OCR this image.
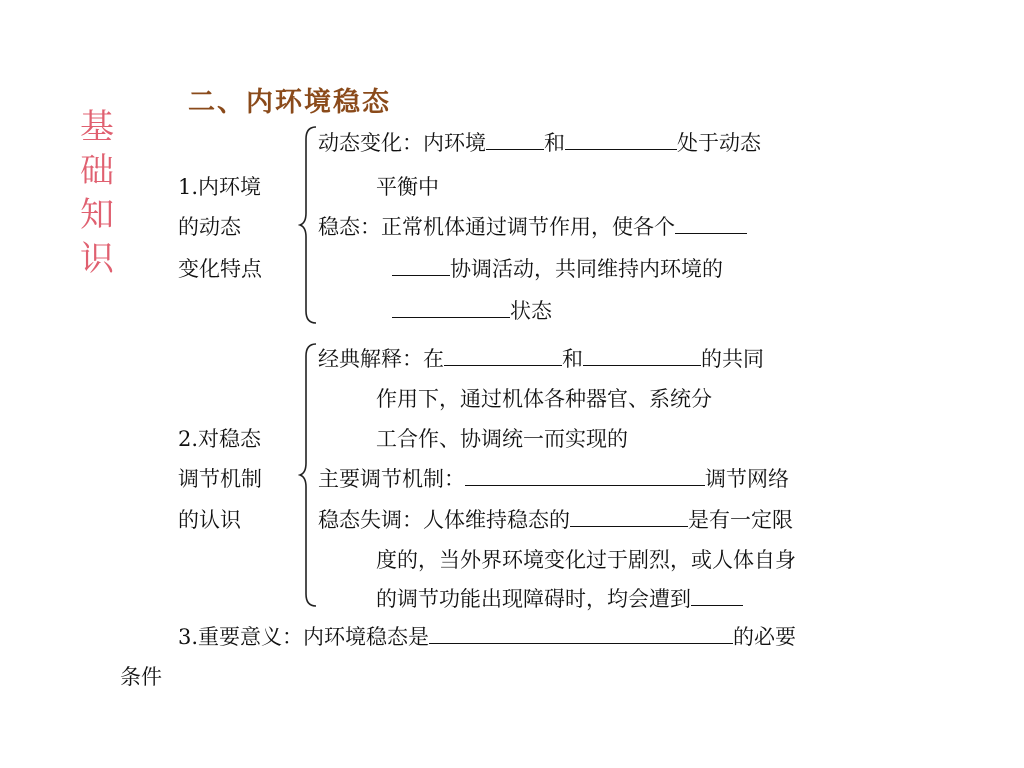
基
础
知
识
二、内环境稳态
1.内环境
的动态
变化特点
动态变化：内环境	和	处于动态
平衡中
稳态：正常机体通过调节作用，使各个
协调活动，共同维持内环境的
状态
2.对稳态
调节机制
的认识
经典解释：在	和	的共同
作用下，通过机体各种器官、系统分
工合作、协调统一而实现的
主要调节机制：	调节网络
稳态失调：人体维持稳态的	是有一定限
度的，当外界环境变化过于剧烈，或人体自身
的调节功能出现障碍时，均会遭到
3.重要意义：内环境稳态是	的必要
条件
